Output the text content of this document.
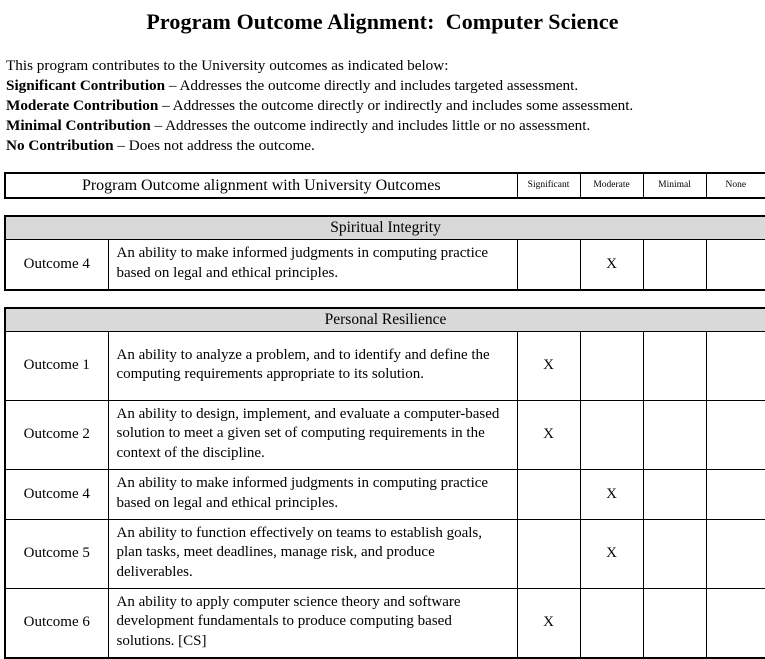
Program Outcome Alignment:  Computer Science
This program contributes to the University outcomes as indicated below:
Significant Contribution – Addresses the outcome directly and includes targeted assessment.
Moderate Contribution – Addresses the outcome directly or indirectly and includes some assessment.
Minimal Contribution – Addresses the outcome indirectly and includes little or no assessment.
No Contribution – Does not address the outcome.
Program Outcome alignment with University Outcomes	Significant	Moderate	Minimal	None
Spiritual Integrity
Outcome 4	An ability to make informed judgments in computing practice based on legal and ethical principles.		X		
Personal Resilience					
Outcome 1	An ability to analyze a problem, and to identify and define the computing requirements appropriate to its solution.	X			
Outcome 2	An ability to design, implement, and evaluate a computer-based solution to meet a given set of computing requirements in the context of the discipline.	X			
Outcome 4	An ability to make informed judgments in computing practice based on legal and ethical principles.		X		
Outcome 5	An ability to function effectively on teams to establish goals, plan tasks, meet deadlines, manage risk, and produce deliverables.		X		
Outcome 6	An ability to apply computer science theory and software development fundamentals to produce computing based solutions. [CS]	X			
